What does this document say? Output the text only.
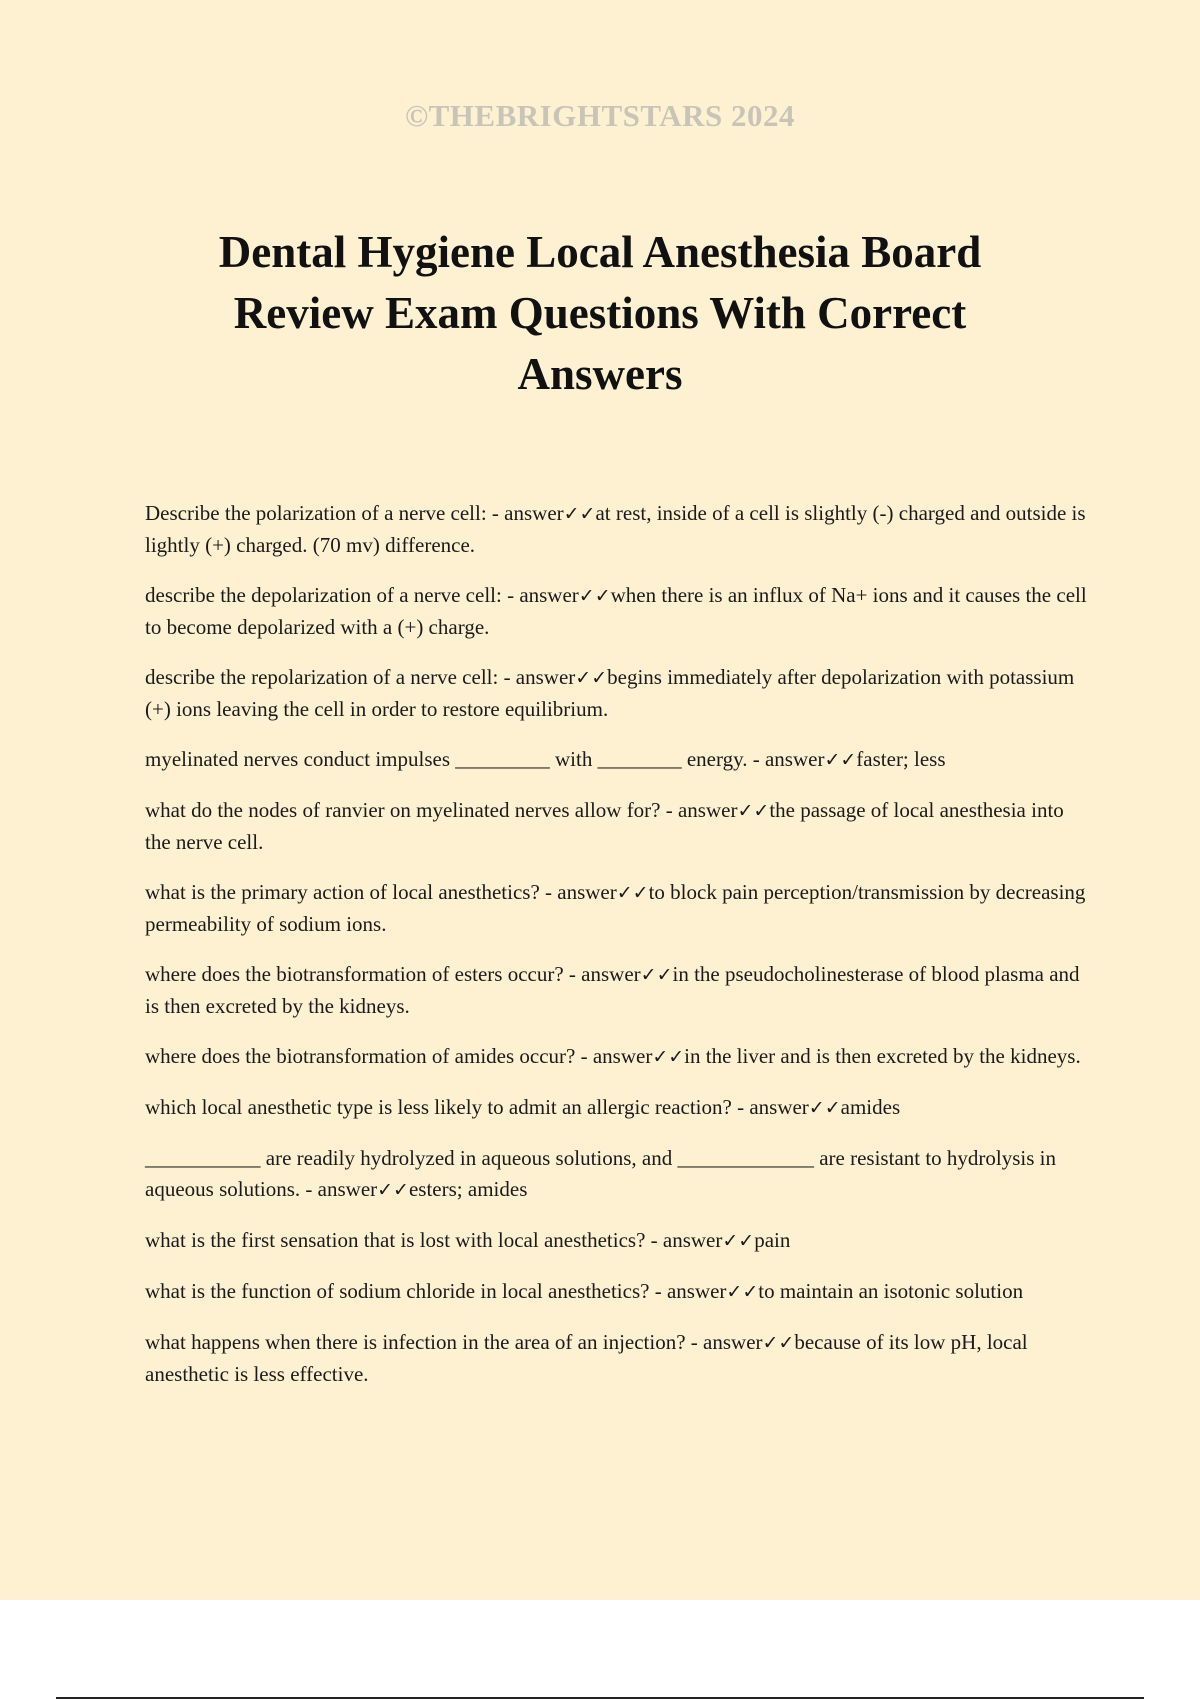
©THEBRIGHTSTARS 2024
Dental Hygiene Local Anesthesia Board Review Exam Questions With Correct Answers
Describe the polarization of a nerve cell: - answer✓✓at rest, inside of a cell is slightly (-) charged and outside is lightly (+) charged. (70 mv) difference.
describe the depolarization of a nerve cell: - answer✓✓when there is an influx of Na+ ions and it causes the cell to become depolarized with a (+) charge.
describe the repolarization of a nerve cell: - answer✓✓begins immediately after depolarization with potassium (+) ions leaving the cell in order to restore equilibrium.
myelinated nerves conduct impulses _________ with ________ energy. - answer✓✓faster; less
what do the nodes of ranvier on myelinated nerves allow for? - answer✓✓the passage of local anesthesia into the nerve cell.
what is the primary action of local anesthetics? - answer✓✓to block pain perception/transmission by decreasing permeability of sodium ions.
where does the biotransformation of esters occur? - answer✓✓in the pseudocholinesterase of blood plasma and is then excreted by the kidneys.
where does the biotransformation of amides occur? - answer✓✓in the liver and is then excreted by the kidneys.
which local anesthetic type is less likely to admit an allergic reaction? - answer✓✓amides
___________ are readily hydrolyzed in aqueous solutions, and _____________ are resistant to hydrolysis in aqueous solutions. - answer✓✓esters; amides
what is the first sensation that is lost with local anesthetics? - answer✓✓pain
what is the function of sodium chloride in local anesthetics? - answer✓✓to maintain an isotonic solution
what happens when there is infection in the area of an injection? - answer✓✓because of its low pH, local anesthetic is less effective.
